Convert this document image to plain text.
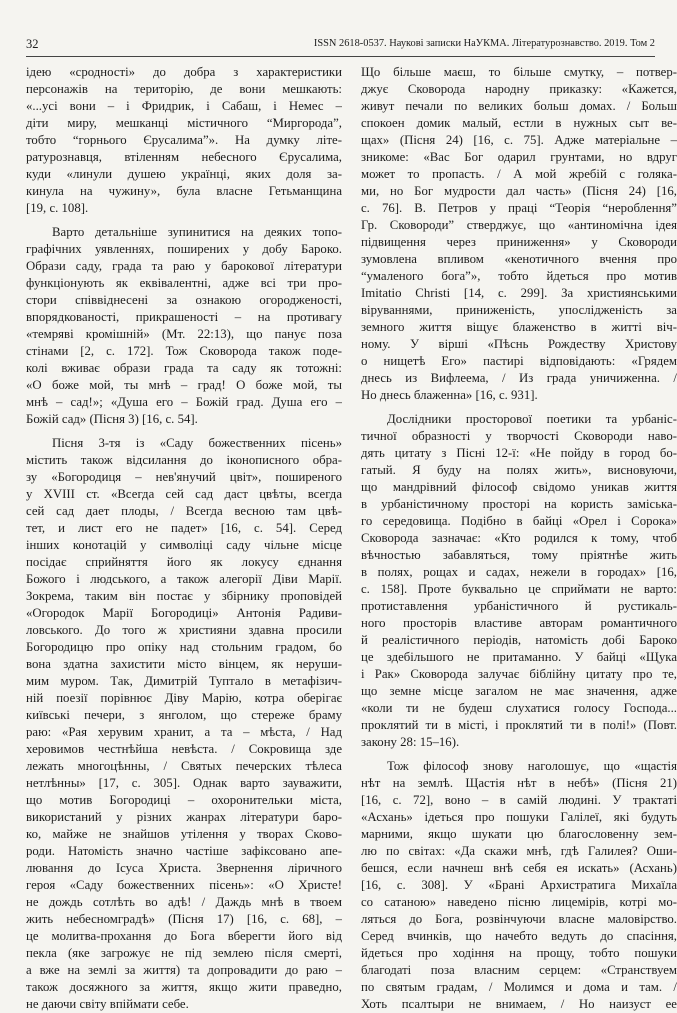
32	ISSN 2618-0537. Наукові записки НаУКМА. Літературознавство. 2019. Том 2
ідею «сродності» до добра з характеристики
персонажів на територію, де вони мешкають:
«...усі вони – і Фридрик, і Сабаш, і Немес –
діти миру, мешканці містичного “Миргорода”,
тобто “горнього Єрусалима”». На думку літе-
ратурознавця, втіленням небесного Єрусалима,
куди «линули душею українці, яких доля за-
кинула на чужину», була власне Гетьманщина
[19, с. 108].
Варто детальніше зупинитися на деяких топо-
графічних уявленнях, поширених у добу Бароко.
Образи саду, града та раю у барокової літератури
функціонують як еквівалентні, адже всі три про-
стори співвіднесені за ознакою огородженості,
впорядкованості, прикрашеності – на противагу
«темряві кромішній» (Мт. 22:13), що панує поза
стінами [2, с. 172]. Тож Сковорода також поде-
колі вживає образи града та саду як тотожні:
«О боже мой, ты мнѣ – град! О боже мой, ты
мнѣ – сад!»; «Душа его – Божій град. Душа его –
Божій сад» (Пісня 3) [16, с. 54].
Пісня 3-тя із «Саду божественних пісень»
містить також відсилання до іконописного обра-
зу «Богородиця – нев'янучий цвіт», поширеного
у XVIII ст. «Всегда сей сад даст цвѣты, всегда
сей сад дает плоды, / Всегда весною там цвѣ-
тет, и лист его не падет» [16, с. 54]. Серед
інших конотацій у символіці саду чільне місце
посідає сприйняття його як локусу єднання
Божого і людського, а також алегорії Діви Марії.
Зокрема, таким він постає у збірнику проповідей
«Огородок Марії Богородиці» Антонія Радиви-
ловського. До того ж християни здавна просили
Богородицю про опіку над стольним градом, бо
вона здатна захистити місто вінцем, як неруши-
мим муром. Так, Димитрій Туптало в метафізич-
ній поезії порівнює Діву Марію, котра оберігає
київські печери, з янголом, що стереже браму
раю: «Рая херувим хранит, а та – мѣста, / Над
херовимов честнѣйша невѣста. / Сокровища зде
лежать многоцѣнны, / Святых печерских тѣлеса
нетлѣнны» [17, с. 305]. Однак варто зауважити,
що мотив Богородиці – охоронительки міста,
використаний у різних жанрах літератури баро-
ко, майже не знайшов утілення у творах Сково-
роди. Натомість значно частіше зафіксовано апе-
лювання до Ісуса Христа. Звернення ліричного
героя «Саду божественних пісень»: «О Христе!
не дождь сотлѣть во адѣ! / Даждь мнѣ в твоем
жить небесномградѣ» (Пісня 17) [16, с. 68], –
це молитва-прохання до Бога вберегти його від
пекла (яке загрожує не під землею після смерті,
а вже на землі за життя) та допровадити до раю –
також досяжного за життя, якщо жити праведно,
не даючи світу впіймати себе.
Що більше маєш, то більше смутку, – потвер-
джує Сковорода народну приказку: «Кажется,
живут печали по великих больш домах. / Больш
спокоен домик малый, естли в нужных сыт ве-
щах» (Пісня 24) [16, с. 75]. Адже матеріальне –
зникоме: «Вас Бог одарил грунтами, но вдруг
может то пропасть. / А мой жребій с голяка-
ми, но Бог мудрости дал часть» (Пісня 24) [16,
с. 76]. В. Петров у праці “Теорія “нероблення”
Гр. Сковороди” стверджує, що «антиномічна ідея
підвищення через приниження» у Сковороди
зумовлена впливом «кенотичного вчення про
“умаленого бога”», тобто йдеться про мотив
Imitatio Christi [14, с. 299]. За християнськими
віруваннями, приниженість, упослідженість за
земного життя віщує блаженство в житті віч-
ному. У вірші «Пѣснь Рождеству Христову
о нищетѣ Его» пастирі відповідають: «Грядем
днесь из Вифлеема, / Из града уничиженна. /
Но днесь блаженна» [16, с. 931].
Дослідники просторової поетики та урбаніс-
тичної образності у творчості Сковороди наво-
дять цитату з Пісні 12-ї: «Не пойду в город бо-
гатый. Я буду на полях жить», висновуючи,
що мандрівний філософ свідомо уникав життя
в урбаністичному просторі на користь заміська-
го середовища. Подібно в байці «Орел і Сорока»
Сковорода зазначає: «Кто родился к тому, чтоб
вѣчностью забавляться, тому пріятнѣе жить
в полях, рощах и садах, нежели в городах» [16,
с. 158]. Проте буквально це сприймати не варто:
протиставлення урбаністичного й рустикаль-
ного просторів властиве авторам романтичного
й реалістичного періодів, натомість добі Бароко
це здебільшого не притаманно. У байці «Щука
і Рак» Сковорода залучає біблійну цитату про те,
що земне місце загалом не має значення, адже
«коли ти не будеш слухатися голосу Господа...
проклятий ти в місті, і проклятий ти в полі!» (Повт.
закону 28: 15–16).
Тож філософ знову наголошує, що «щастія
нѣт на землѣ. Щастія нѣт в небѣ» (Пісня 21)
[16, с. 72], воно – в самій людині. У трактаті
«Асхань» ідеться про пошуки Галілеї, які будуть
марними, якщо шукати цю благословенну зем-
лю по світах: «Да скажи мнѣ, гдѣ Галилея? Оши-
бешся, если начнеш внѣ себя ея искать» (Асхань)
[16, с. 308]. У «Брані Архистратига Михаїла
со сатаною» наведено пісню лицемірів, котрі мо-
ляться до Бога, розвінчуючи власне маловірство.
Серед вчинків, що начебто ведуть до спасіння,
йдеться про ходіння на прощу, тобто пошуки
благодаті поза власним серцем: «Странствуем
по святым градам, / Молимся и дома и там. /
Хоть псалтыри не внимаем, / Но наизуст ее
